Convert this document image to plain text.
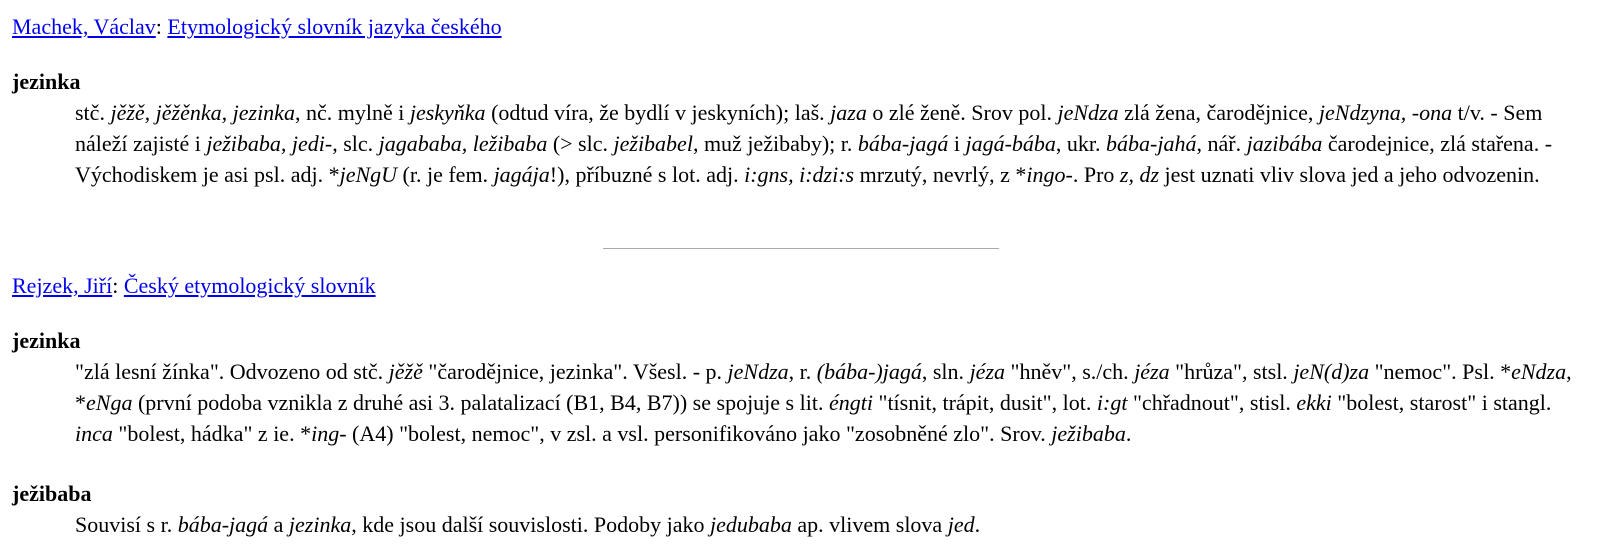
Machek, Václav: Etymologický slovník jazyka českého
jezinka
stč. jěžě, jěžěnka, jezinka, nč. mylně i jeskyňka (odtud víra, že bydlí v jeskyních); laš. jaza o zlé ženě. Srov pol. jeNdza zlá žena, čarodějnice, jeNdzyna, -ona t/v. - Sem náleží zajisté i ježibaba, jedi-, slc. jagababa, ležibaba (> slc. ježibabel, muž ježibaby); r. bába-jagá i jagá-bába, ukr. bába-jahá, nář. jazibába čarodejnice, zlá stařena. - Východiskem je asi psl. adj. *jeNgU (r. je fem. jagája!), příbuzné s lot. adj. i:gns, i:dzi:s mrzutý, nevrlý, z *ingo-. Pro z, dz jest uznati vliv slova jed a jeho odvozenin.
Rejzek, Jiří: Český etymologický slovník
jezinka
"zlá lesní žínka". Odvozeno od stč. jěžě "čarodějnice, jezinka". Všesl. - p. jeNdza, r. (bába-)jagá, sln. jéza "hněv", s./ch. jéza "hrůza", stsl. jeN(d)za "nemoc". Psl. *eNdza, *eNga (první podoba vznikla z druhé asi 3. palatalizací (B1, B4, B7)) se spojuje s lit. éngti "tísnit, trápit, dusit", lot. i:gt "chřadnout", stisl. ekki "bolest, starost" i stangl. inca "bolest, hádka" z ie. *ing- (A4) "bolest, nemoc", v zsl. a vsl. personifikováno jako "zosobněné zlo". Srov. ježibaba.
ježibaba
Souvisí s r. bába-jagá a jezinka, kde jsou další souvislosti. Podoby jako jedubaba ap. vlivem slova jed.
